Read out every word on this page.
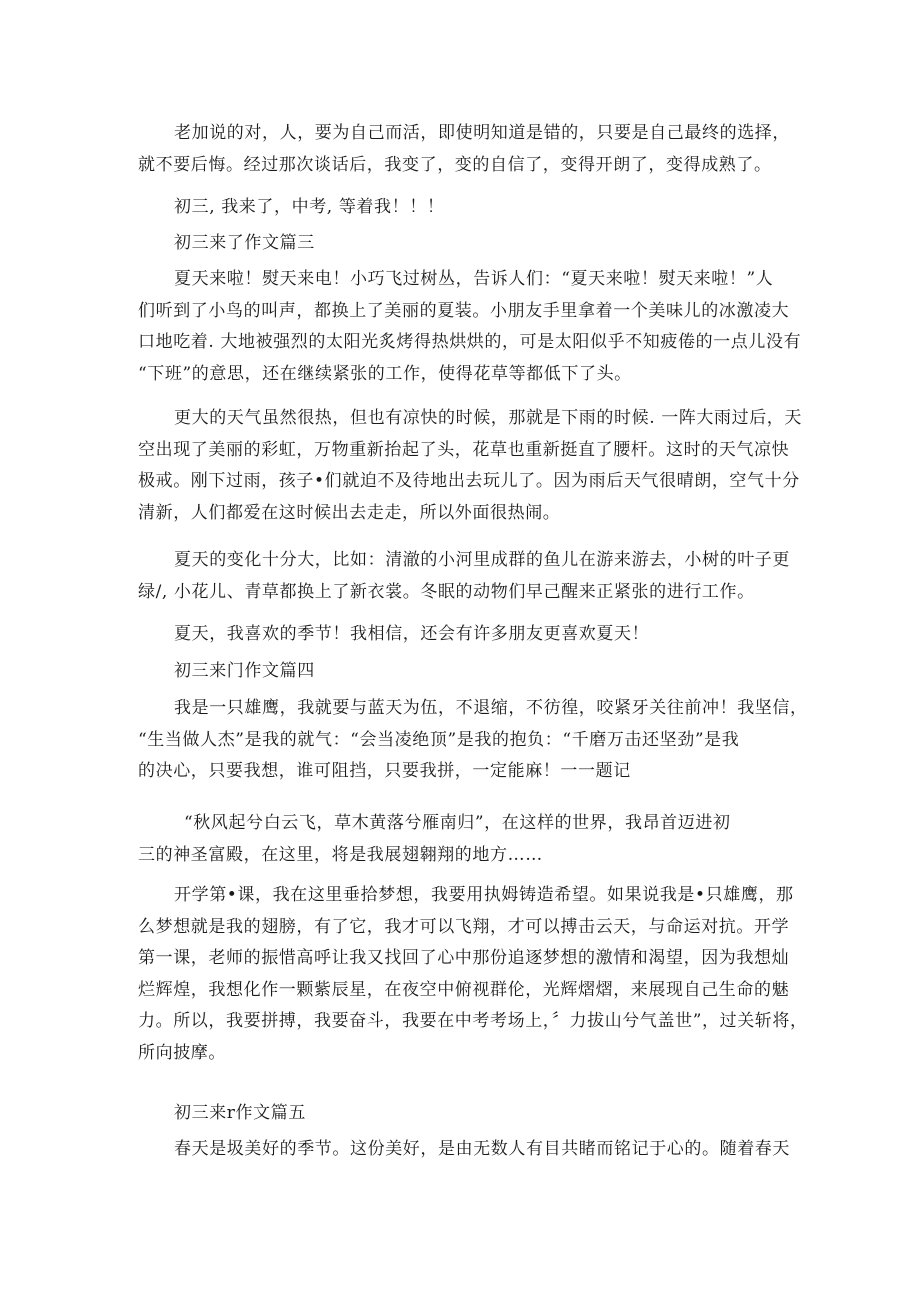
老加说的对，人，要为自己而活，即使明知道是错的，只要是自己最终的选择，

就不要后悔。经过那次谈话后，我变了，变的自信了，变得开朗了，变得成熟了。

初三, 我来了，中考, 等着我！！！

初三来了作文篇三

夏天来啦！熨天来电！小巧飞过树丛，告诉人们：“夏天来啦！熨天来啦！”人

们听到了小鸟的叫声，都换上了美丽的夏装。小朋友手里拿着一个美味儿的冰激凌大

口地吃着. 大地被强烈的太阳光炙烤得热烘烘的，可是太阳似乎不知疲倦的一点儿没有

“下班”的意思，还在继续紧张的工作，使得花草等都低下了头。

更大的天气虽然很热，但也有凉快的时候，那就是下雨的时候. 一阵大雨过后，天

空出现了美丽的彩虹，万物重新抬起了头，花草也重新挺直了腰杆。这时的天气凉快

极戒。刚下过雨，孩子•们就迫不及待地出去玩儿了。因为雨后天气很晴朗，空气十分

清新，人们都爱在这时候出去走走，所以外面很热闹。

夏天的变化十分大，比如：清澈的小河里成群的鱼儿在游来游去，小树的叶子更

绿/, 小花儿、青草都换上了新衣裳。冬眠的动物们早己醒来正紧张的进行工作。

夏天，我喜欢的季节！我相信，还会有许多朋友更喜欢夏天！

初三来门作文篇四

我是一只雄鹰，我就要与蓝天为伍，不退缩，不彷徨，咬紧牙关往前冲！我坚信，

“生当做人杰”是我的就气：“会当凌绝顶”是我的抱负：“千磨万击还坚劲”是我

的决心，只要我想，谁可阻挡，只要我拼，一定能麻！一一题记

“秋风起兮白云飞，草木黄落兮雁南归”，在这样的世界，我昂首迈进初

三的神圣富殿，在这里，将是我展翅翱翔的地方……

开学第•课，我在这里垂拾梦想，我要用执姆铸造希望。如果说我是•只雄鹰，那

么梦想就是我的翅膀，有了它，我才可以飞翔，才可以搏击云天，与命运对抗。开学

第一课，老师的振惜高呼让我又找回了心中那份追逐梦想的激情和渴望，因为我想灿

烂辉煌，我想化作一颗紫辰星，在夜空中俯视群伦，光辉熠熠，来展现自己生命的魅

力。所以，我要拼搏，我要奋斗，我要在中考考场上，〞力拔山兮气盖世”，过关斩将，

所向披摩。

初三来r作文篇五

春天是圾美好的季节。这份美好，是由无数人有目共睹而铭记于心的。随着春天
